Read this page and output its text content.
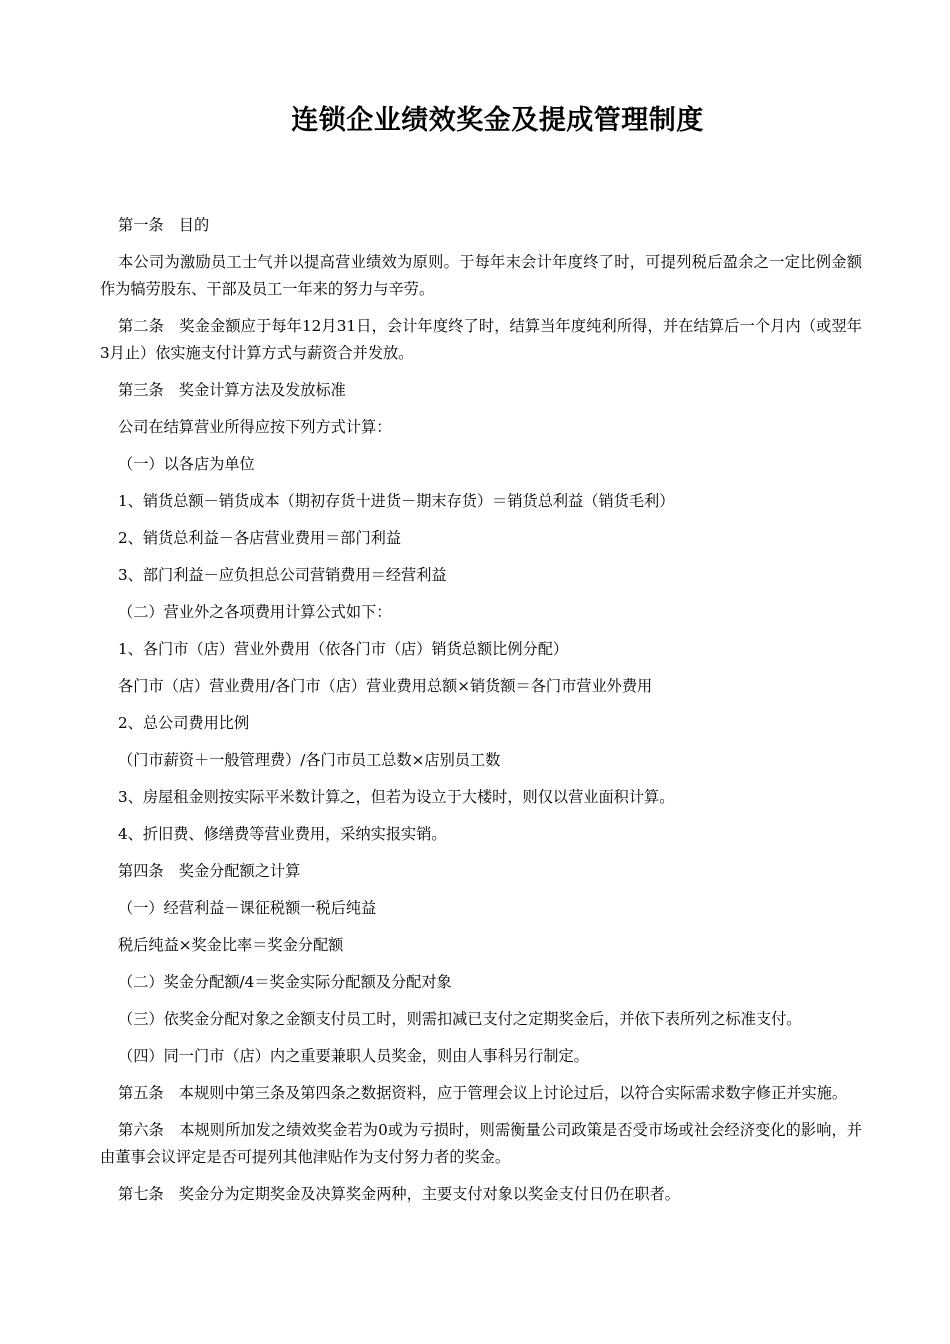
连锁企业绩效奖金及提成管理制度

第一条　目的

本公司为激励员工士气并以提高营业绩效为原则。于每年末会计年度终了时，可提列税后盈余之一定比例金额作为犒劳股东、干部及员工一年来的努力与辛劳。

第二条　奖金金额应于每年12月31日，会计年度终了时，结算当年度纯利所得，并在结算后一个月内（或翌年3月止）依实施支付计算方式与薪资合并发放。

第三条　奖金计算方法及发放标准

公司在结算营业所得应按下列方式计算：

（一）以各店为单位

1、销货总额－销货成本（期初存货十进货－期末存货）＝销货总利益（销货毛利）

2、销货总利益－各店营业费用＝部门利益

3、部门利益－应负担总公司营销费用＝经营利益

（二）营业外之各项费用计算公式如下：

1、各门市（店）营业外费用（依各门市（店）销货总额比例分配）

各门市（店）营业费用/各门市（店）营业费用总额×销货额＝各门市营业外费用

2、总公司费用比例

（门市薪资＋一般管理费）/各门市员工总数×店别员工数

3、房屋租金则按实际平米数计算之，但若为设立于大楼时，则仅以营业面积计算。

4、折旧费、修缮费等营业费用，采纳实报实销。

第四条　奖金分配额之计算

（一）经营利益－课征税额一税后纯益

税后纯益×奖金比率＝奖金分配额

（二）奖金分配额/4＝奖金实际分配额及分配对象

（三）依奖金分配对象之金额支付员工时，则需扣减已支付之定期奖金后，并依下表所列之标准支付。

（四）同一门市（店）内之重要兼职人员奖金，则由人事科另行制定。

第五条　本规则中第三条及第四条之数据资料，应于管理会议上讨论过后，以符合实际需求数字修正并实施。

第六条　本规则所加发之绩效奖金若为0或为亏损时，则需衡量公司政策是否受市场或社会经济变化的影响，并由董事会议评定是否可提列其他津贴作为支付努力者的奖金。

第七条　奖金分为定期奖金及决算奖金两种，主要支付对象以奖金支付日仍在职者。
